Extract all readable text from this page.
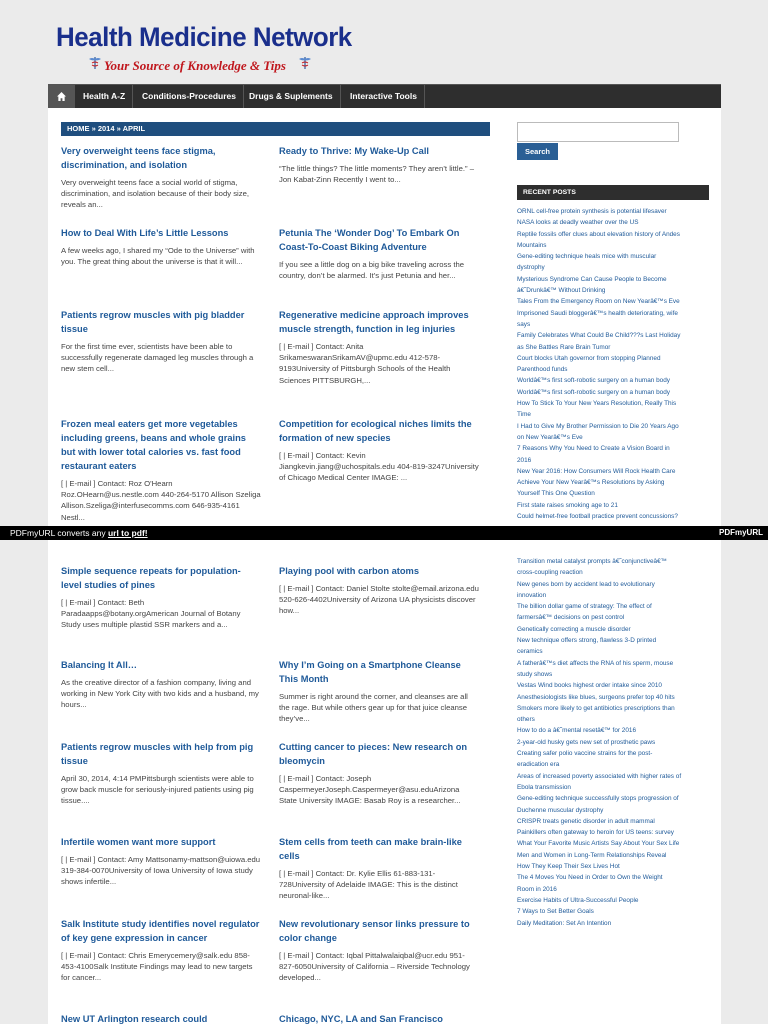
Health Medicine Network
Your Source of Knowledge & Tips
Health A-Z	Conditions-Procedures	Drugs & Suplements	Interactive Tools
HOME » 2014 » APRIL
Very overweight teens face stigma, discrimination, and isolation
Very overweight teens face a social world of stigma, discrimination, and isolation because of their body size, reveals an...
Ready to Thrive: My Wake-Up Call
“The little things? The little moments? They aren’t little.” – Jon Kabat-Zinn Recently I went to...
How to Deal With Life’s Little Lessons
A few weeks ago, I shared my “Ode to the Universe” with you. The great thing about the universe is that it will...
Petunia The ‘Wonder Dog’ To Embark On Coast-To-Coast Biking Adventure
If you see a little dog on a big bike traveling across the country, don’t be alarmed. It’s just Petunia and her...
Patients regrow muscles with pig bladder tissue
For the first time ever, scientists have been able to successfully regenerate damaged leg muscles through a new stem cell...
Regenerative medicine approach improves muscle strength, function in leg injuries
[ | E-mail ] Contact: Anita SrikameswaranSrikamAV@upmc.edu 412-578-9193University of Pittsburgh Schools of the Health Sciences PITTSBURGH,...
Frozen meal eaters get more vegetables including greens, beans and whole grains but with lower total calories vs. fast food restaurant eaters
[ | E-mail ] Contact: Roz O'Hearn Roz.OHearn@us.nestle.com 440-264-5170 Allison Szeliga Allison.Szeliga@interfusecomms.com 646-935-4161 Nestl...
Competition for ecological niches limits the formation of new species
[ | E-mail ] Contact: Kevin Jiangkevin.jiang@uchospitals.edu 404-819-3247University of Chicago Medical Center IMAGE: ...
Simple sequence repeats for population-level studies of pines
[ | E-mail ] Contact: Beth Paradaapps@botany.orgAmerican Journal of Botany Study uses multiple plastid SSR markers and a...
Playing pool with carbon atoms
[ | E-mail ] Contact: Daniel Stolte stolte@email.arizona.edu 520-626-4402University of Arizona UA physicists discover how...
Balancing It All…
As the creative director of a fashion company, living and working in New York City with two kids and a husband, my hours...
Why I’m Going on a Smartphone Cleanse This Month
Summer is right around the corner, and cleanses are all the rage. But while others gear up for that juice cleanse they’ve...
Patients regrow muscles with help from pig tissue
April 30, 2014, 4:14 PMPittsburgh scientists were able to grow back muscle for seriously-injured patients using pig tissue....
Cutting cancer to pieces: New research on bleomycin
[ | E-mail ] Contact: Joseph CaspermeyerJoseph.Caspermeyer@asu.eduArizona State University IMAGE: Basab Roy is a researcher...
Infertile women want more support
[ | E-mail ] Contact: Amy Mattsonamy-mattson@uiowa.edu 319-384-0070University of Iowa University of Iowa study shows infertile...
Stem cells from teeth can make brain-like cells
[ | E-mail ] Contact: Dr. Kylie Ellis 61-883-131-728University of Adelaide IMAGE: This is the distinct neuronal-like...
Salk Institute study identifies novel regulator of key gene expression in cancer
[ | E-mail ] Contact: Chris Emerycemery@salk.edu 858-453-4100Salk Institute Findings may lead to new targets for cancer...
New revolutionary sensor links pressure to color change
[ | E-mail ] Contact: Iqbal Pittalwalaiqbal@ucr.edu 951-827-6050University of California – Riverside Technology developed...
New UT Arlington research could	Chicago, NYC, LA and San Francisco
Search
RECENT POSTS
ORNL cell-free protein synthesis is potential lifesaver
NASA looks at deadly weather over the US
Reptile fossils offer clues about elevation history of Andes
Mountains
Gene-editing technique heals mice with muscular
dystrophy
Mysterious Syndrome Can Cause People to Become
â€˜Drunkâ€™ Without Drinking
Tales From the Emergency Room on New Yearâ€™s Eve
Imprisoned Saudi bloggerâ€™s health deteriorating, wife
says
Family Celebrates What Could Be Child???s Last Holiday
as She Battles Rare Brain Tumor
Court blocks Utah governor from stopping Planned
Parenthood funds
Worldâ€™s first soft-robotic surgery on a human body
Worldâ€™s first soft-robotic surgery on a human body
How To Stick To Your New Years Resolution, Really This
Time
I Had to Give My Brother Permission to Die 20 Years Ago
on New Yearâ€™s Eve
7 Reasons Why You Need to Create a Vision Board in
2016
New Year 2016: How Consumers Will Rock Health Care
Achieve Your New Yearâ€™s Resolutions by Asking
Yourself This One Question
First state raises smoking age to 21
Could helmet-free football practice prevent concussions?
Transition metal catalyst prompts â€˜conjunctiveâ€™
cross-coupling reaction
New genes born by accident lead to evolutionary
innovation
The billion dollar game of strategy: The effect of
farmersâ€™ decisions on pest control
Genetically correcting a muscle disorder
New technique offers strong, flawless 3-D printed
ceramics
A fatherâ€™s diet affects the RNA of his sperm, mouse
study shows
Vestas Wind books highest order intake since 2010
Anesthesiologists like blues, surgeons prefer top 40 hits
Smokers more likely to get antibiotics prescriptions than
others
How to do a â€˜mental resetâ€™ for 2016
2-year-old husky gets new set of prosthetic paws
Creating safer polio vaccine strains for the post-
eradication era
Areas of increased poverty associated with higher rates of
Ebola transmission
Gene-editing technique successfully stops progression of
Duchenne muscular dystrophy
CRISPR treats genetic disorder in adult mammal
Painkillers often gateway to heroin for US teens: survey
What Your Favorite Music Artists Say About Your Sex Life
Men and Women in Long-Term Relationships Reveal
How They Keep Their Sex Lives Hot
The 4 Moves You Need in Order to Own the Weight
Room in 2016
Exercise Habits of Ultra-Successful People
7 Ways to Set Better Goals
Daily Meditation: Set An Intention
PDFmyURL converts any url to pdf!	PDFmyURL
